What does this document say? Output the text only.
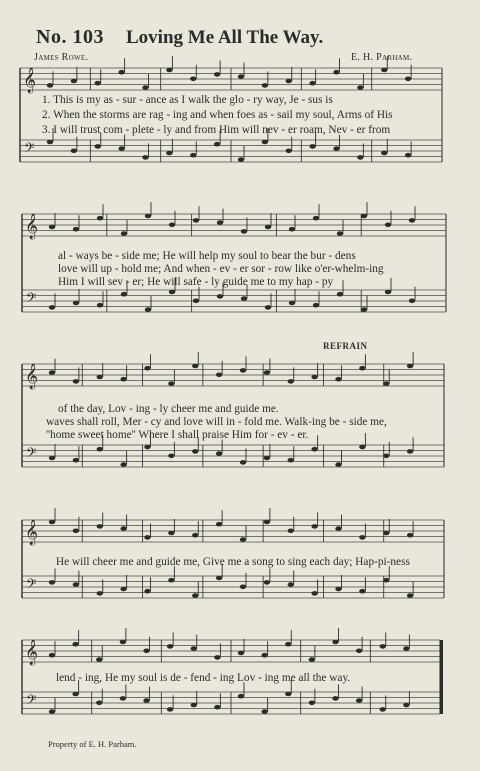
No. 103 Loving Me All The Way.
James Rowe.	E. H. Parham.
𝄞
𝄢
𝄞
𝄢
𝄞
𝄢
𝄞
𝄢
𝄞
𝄢
1. This is my as - sur - ance as I walk the glo - ry way, Je - sus is
2. When the storms are rag - ing and when foes as - sail my soul, Arms of His
3. I will trust com - plete - ly and from Him will nev - er roam, Nev - er from
al - ways be - side me; He will help my soul to bear the bur - dens
love will up - hold me; And when - ev - er sor - row like o'er-whelm-ing
Him I will sev - er; He will safe - ly guide me to my hap - py
REFRAIN
of the day, Lov - ing - ly cheer me and guide me.
waves shall roll, Mer - cy and love will in - fold me. Walk-ing be - side me,
''home sweet home'' Where I shall praise Him for - ev - er.
He will cheer me and guide me, Give me a song to sing each day; Hap-pi-ness
lend - ing, He my soul is de - fend - ing Lov - ing me all the way.
Property of E. H. Parham.
